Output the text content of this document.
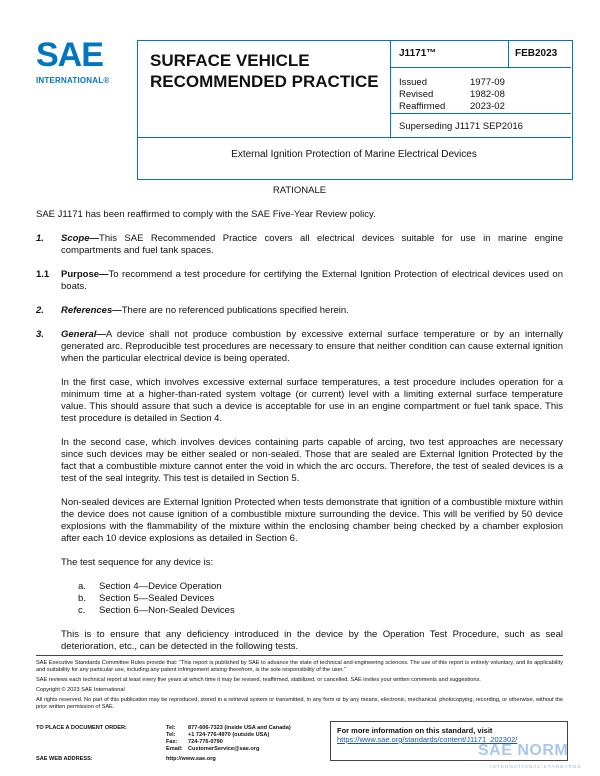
SAE
INTERNATIONAL®
SURFACE VEHICLE
RECOMMENDED PRACTICE
J1171™	FEB2023
Issued	1977-09
Revised	1982-08
Reaffirmed	2023-02
Superseding J1171 SEP2016
External Ignition Protection of Marine Electrical Devices
RATIONALE

SAE J1171 has been reaffirmed to comply with the SAE Five-Year Review policy.

1.	Scope—This SAE Recommended Practice covers all electrical devices suitable for use in marine engine compartments and fuel tank spaces.
1.1	Purpose—To recommend a test procedure for certifying the External Ignition Protection of electrical devices used on boats.
2.	References—There are no referenced publications specified herein.
3.	General—A device shall not produce combustion by excessive external surface temperature or by an internally generated arc. Reproducible test procedures are necessary to ensure that neither condition can cause external ignition when the particular electrical device is being operated.

In the first case, which involves excessive external surface temperatures, a test procedure includes operation for a minimum time at a higher-than-rated system voltage (or current) level with a limiting external surface temperature value. This should assure that such a device is acceptable for use in an engine compartment or fuel tank space. This test procedure is detailed in Section 4.

In the second case, which involves devices containing parts capable of arcing, two test approaches are necessary since such devices may be either sealed or non-sealed. Those that are sealed are External Ignition Protected by the fact that a combustible mixture cannot enter the void in which the arc occurs. Therefore, the test of sealed devices is a test of the seal integrity. This test is detailed in Section 5.

Non-sealed devices are External Ignition Protected when tests demonstrate that ignition of a combustible mixture within the device does not cause ignition of a combustible mixture surrounding the device. This will be verified by 50 device explosions with the flammability of the mixture within the enclosing chamber being checked by a chamber explosion after each 10 device explosions as detailed in Section 6.

The test sequence for any device is:

a.	Section 4—Device Operation
b.	Section 5—Sealed Devices
c.	Section 6—Non-Sealed Devices

This is to ensure that any deficiency introduced in the device by the Operation Test Procedure, such as seal deterioration, etc., can be detected in the following tests.

SAE Executive Standards Committee Rules provide that: “This report is published by SAE to advance the state of technical and engineering sciences. The use of this report is entirely voluntary, and its applicability and suitability for any particular use, including any patent infringement arising therefrom, is the sole responsibility of the user.”

SAE reviews each technical report at least every five years at which time it may be revised, reaffirmed, stabilized, or cancelled. SAE invites your written comments and suggestions.

Copyright © 2023 SAE International

All rights reserved. No part of this publication may be reproduced, stored in a retrieval system or transmitted, in any form or by any means, electronic, mechanical, photocopying, recording, or otherwise, without the prior written permission of SAE.

TO PLACE A DOCUMENT ORDER:	Tel: 877-606-7323 (inside USA and Canada)
Tel: +1 724-776-4970 (outside USA)
Fax: 724-776-0790
Email: CustomerService@sae.org
SAE WEB ADDRESS:	http://www.sae.org
For more information on this standard, visit
https://www.sae.org/standards/content/J1171_202302/
SAE NORM
INTERNATIONAL STANDARDS
